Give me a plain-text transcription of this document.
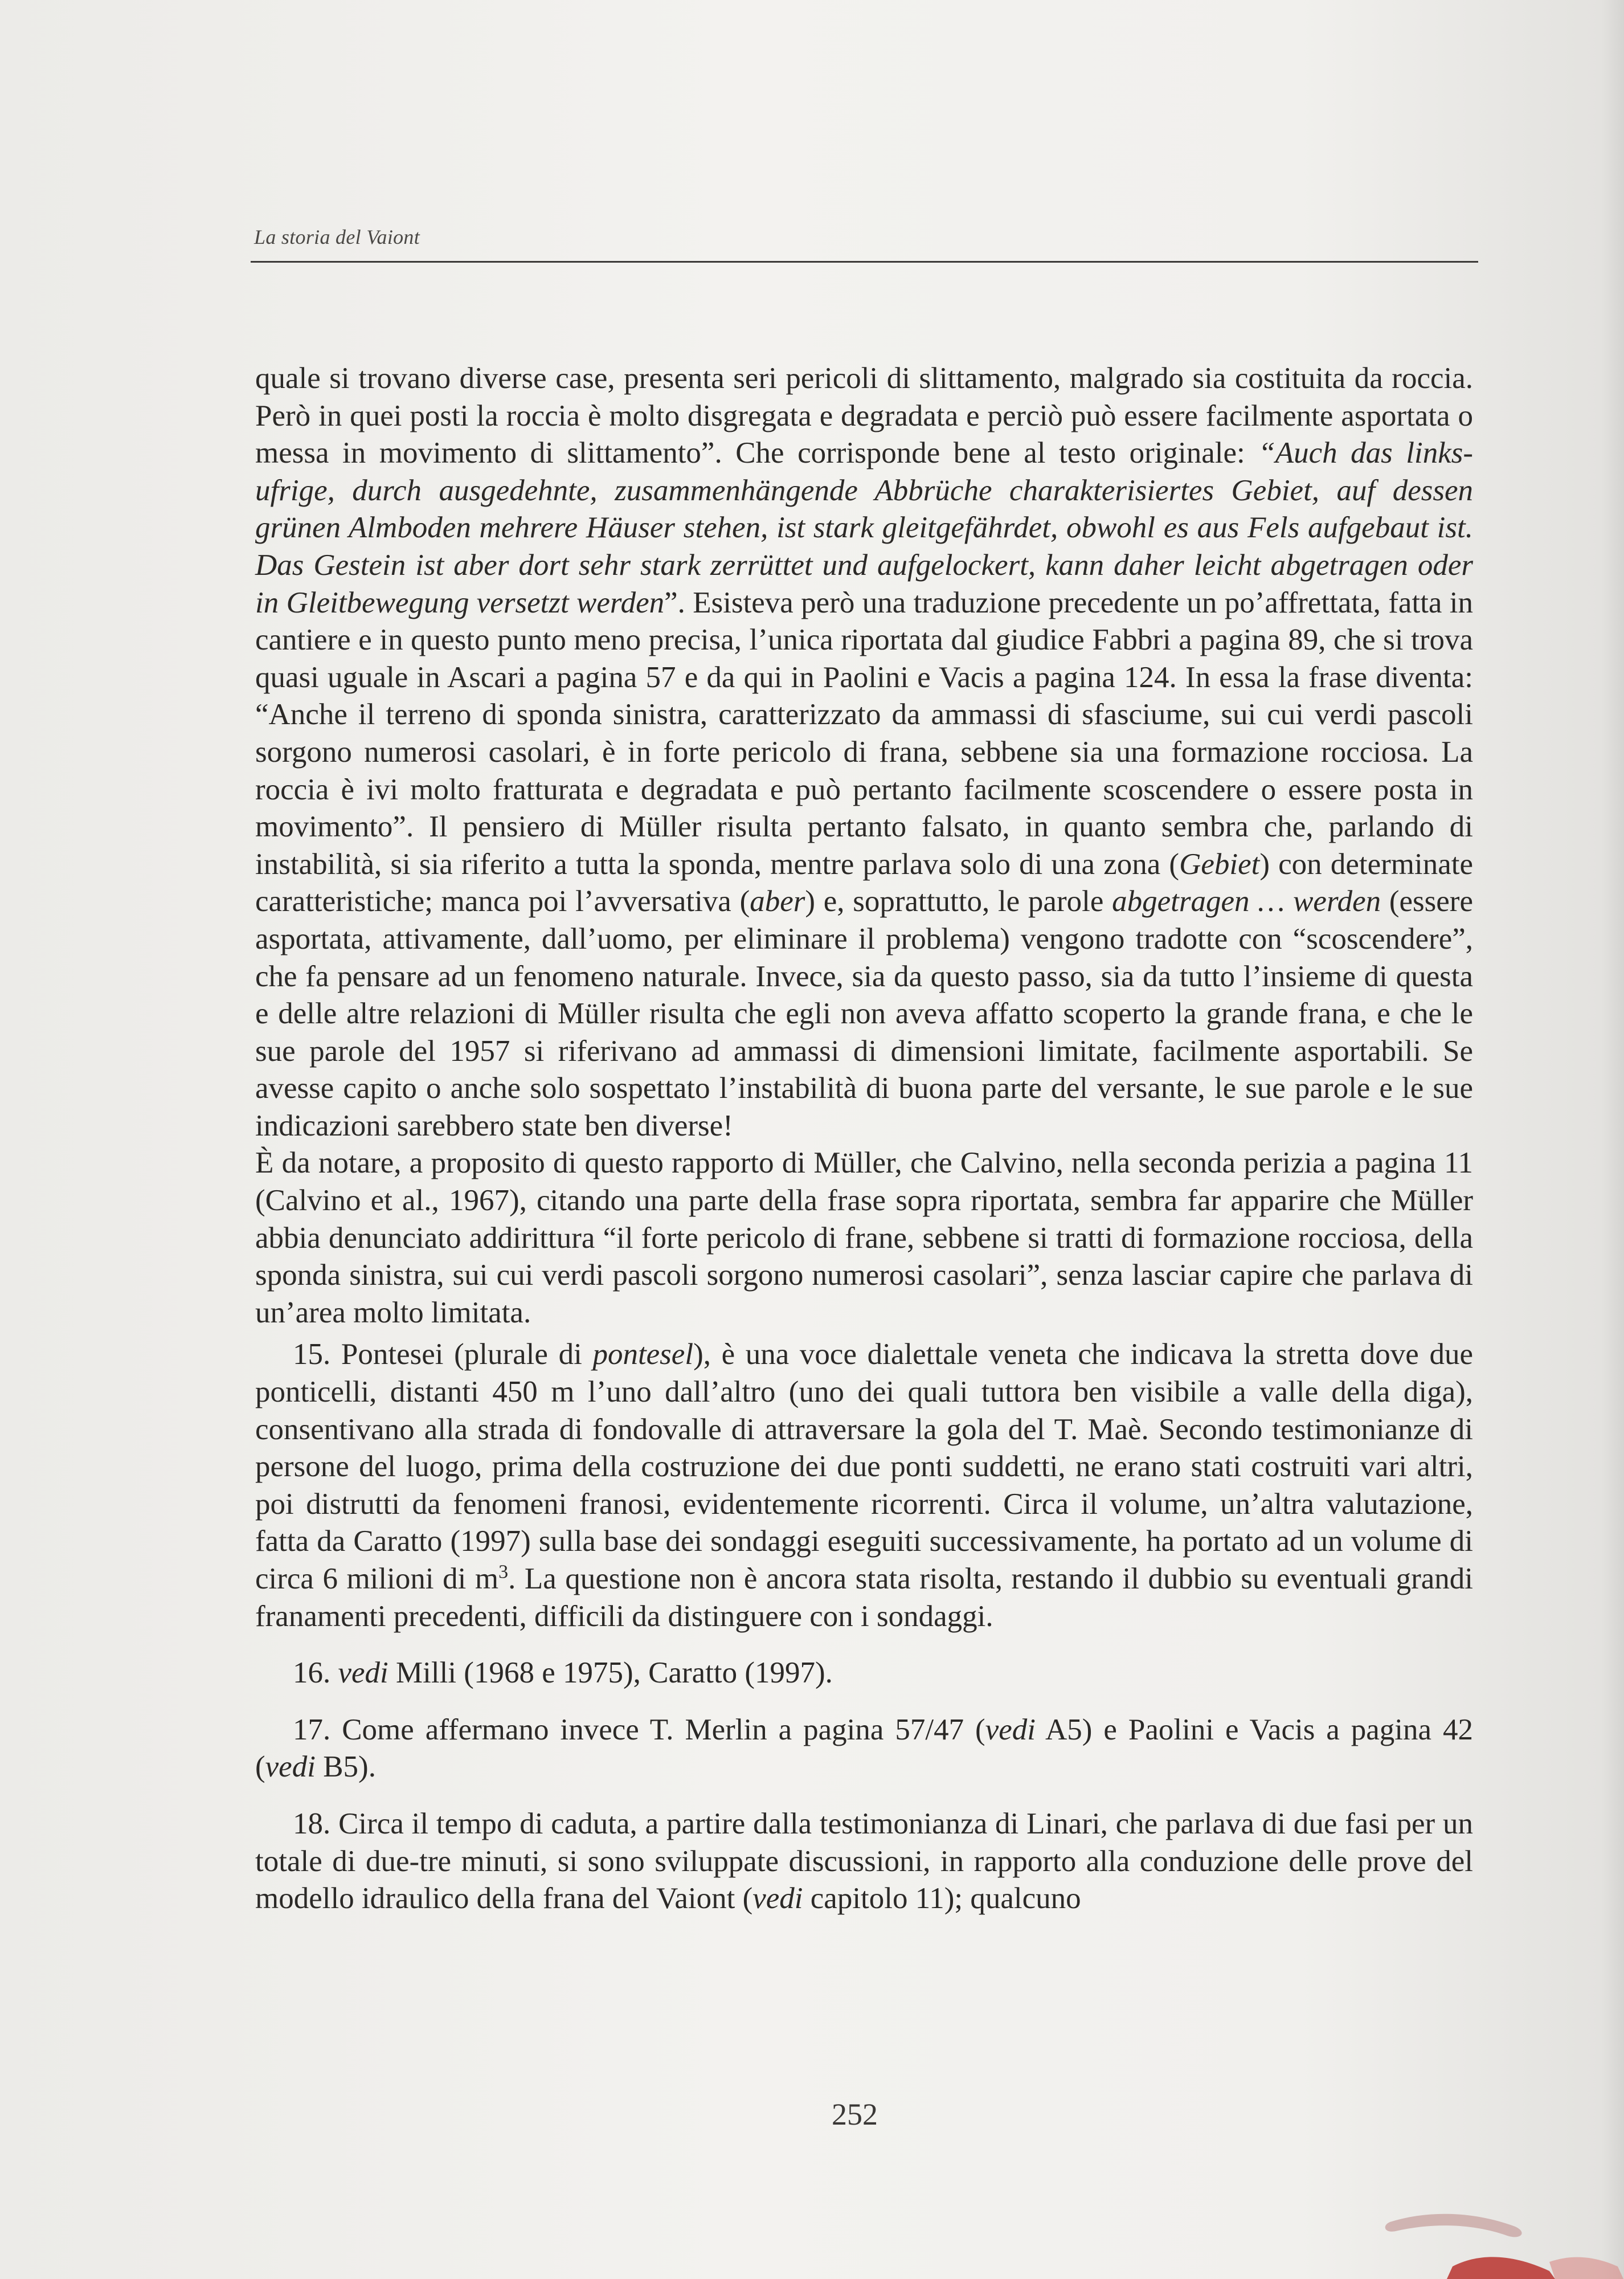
La storia del Vaiont

quale si trovano diverse case, presenta seri pericoli di slittamento, malgrado sia costituita da roccia. Però in quei posti la roccia è molto disgregata e degradata e perciò può essere facilmente asportata o messa in movimento di slittamento”. Che corrisponde bene al testo originale: “Auch das links-ufrige, durch ausgedehnte, zusammenhängende Abbrüche charakterisiertes Gebiet, auf dessen grünen Almboden mehrere Häuser stehen, ist stark gleitgefährdet, obwohl es aus Fels aufgebaut ist. Das Gestein ist aber dort sehr stark zerrüttet und aufgelockert, kann daher leicht abgetragen oder in Gleitbewegung versetzt werden”. Esisteva però una traduzione precedente un po’affrettata, fatta in cantiere e in questo punto meno precisa, l’unica riportata dal giudice Fabbri a pagina 89, che si trova quasi uguale in Ascari a pagina 57 e da qui in Paolini e Vacis a pagina 124. In essa la frase diventa: “Anche il terreno di sponda sinistra, caratterizzato da ammassi di sfasciume, sui cui verdi pascoli sorgono numerosi casolari, è in forte pericolo di frana, sebbene sia una formazione rocciosa. La roccia è ivi molto fratturata e degradata e può pertanto facilmente scoscendere o essere posta in movimento”. Il pensiero di Müller risulta pertanto falsato, in quanto sembra che, parlando di instabilità, si sia riferito a tutta la sponda, mentre parlava solo di una zona (Gebiet) con determinate caratteristiche; manca poi l’avversativa (aber) e, soprattutto, le parole abgetragen … werden (essere asportata, attivamente, dall’uomo, per eliminare il problema) vengono tradotte con “scoscendere”, che fa pensare ad un fenomeno naturale. Invece, sia da questo passo, sia da tutto l’insieme di questa e delle altre relazioni di Müller risulta che egli non aveva affatto scoperto la grande frana, e che le sue parole del 1957 si riferivano ad ammassi di dimensioni limitate, facilmente asportabili. Se avesse capito o anche solo sospettato l’instabilità di buona parte del versante, le sue parole e le sue indicazioni sarebbero state ben diverse!

È da notare, a proposito di questo rapporto di Müller, che Calvino, nella seconda perizia a pagina 11 (Calvino et al., 1967), citando una parte della frase sopra riportata, sembra far apparire che Müller abbia denunciato addirittura “il forte pericolo di frane, sebbene si tratti di formazione rocciosa, della sponda sinistra, sui cui verdi pascoli sorgono numerosi casolari”, senza lasciar capire che parlava di un’area molto limitata.

15. Pontesei (plurale di pontesel), è una voce dialettale veneta che indicava la stretta dove due ponticelli, distanti 450 m l’uno dall’altro (uno dei quali tuttora ben visibile a valle della diga), consentivano alla strada di fondovalle di attraversare la gola del T. Maè. Secondo testimonianze di persone del luogo, prima della costruzione dei due ponti suddetti, ne erano stati costruiti vari altri, poi distrutti da fenomeni franosi, evidentemente ricorrenti. Circa il volume, un’altra valutazione, fatta da Caratto (1997) sulla base dei sondaggi eseguiti successivamente, ha portato ad un volume di circa 6 milioni di $m^3$. La questione non è ancora stata risolta, restando il dubbio su eventuali grandi franamenti precedenti, difficili da distinguere con i sondaggi.

16. vedi Milli (1968 e 1975), Caratto (1997).

17. Come affermano invece T. Merlin a pagina 57/47 (vedi A5) e Paolini e Vacis a pagina 42 (vedi B5).

18. Circa il tempo di caduta, a partire dalla testimonianza di Linari, che parlava di due fasi per un totale di due-tre minuti, si sono sviluppate discussioni, in rapporto alla conduzione delle prove del modello idraulico della frana del Vaiont (vedi capitolo 11); qualcuno

252
